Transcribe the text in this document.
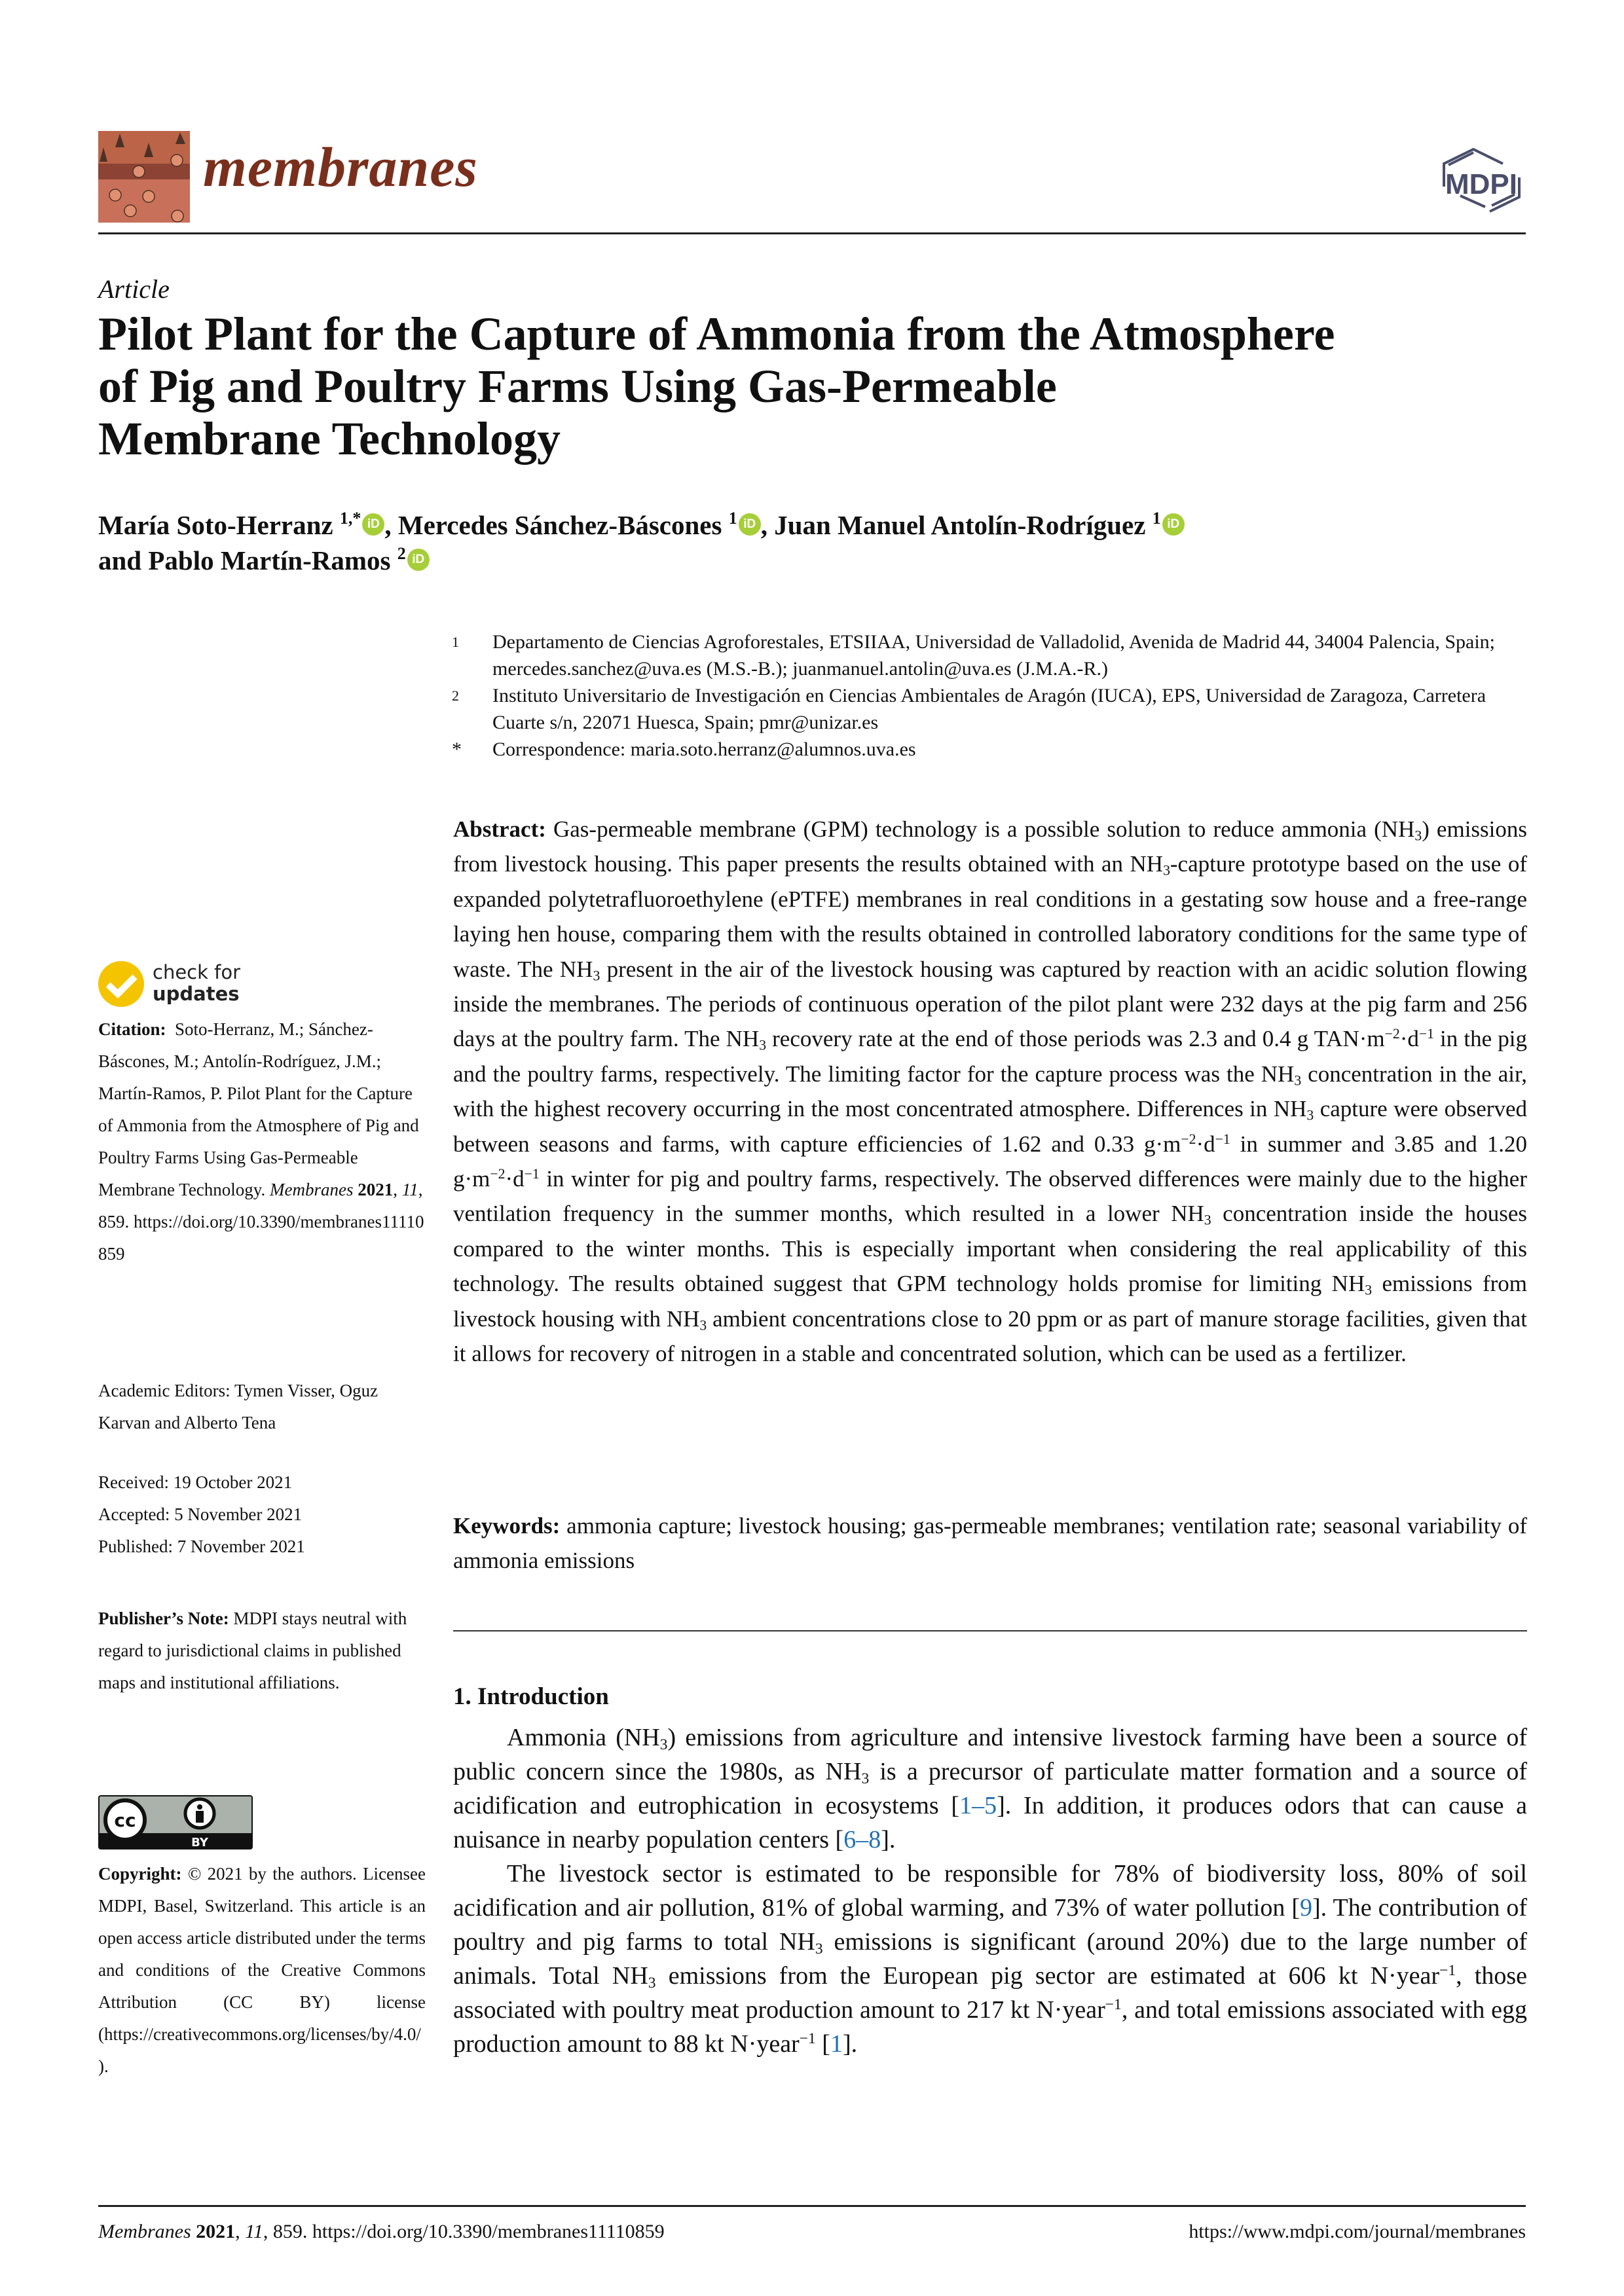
membranes	MDPI
Article
Pilot Plant for the Capture of Ammonia from the Atmosphere
of Pig and Poultry Farms Using Gas-Permeable
Membrane Technology
María Soto-Herranz $^{1,*}$ iD , Mercedes Sánchez-Báscones $^1$ iD , Juan Manuel Antolín-Rodríguez $^1$ iD
and Pablo Martín-Ramos $^2$ iD
1	Departamento de Ciencias Agroforestales, ETSIIAA, Universidad de Valladolid, Avenida de Madrid 44, 34004 Palencia, Spain; mercedes.sanchez@uva.es (M.S.-B.); juanmanuel.antolin@uva.es (J.M.A.-R.)
2	Instituto Universitario de Investigación en Ciencias Ambientales de Aragón (IUCA), EPS, Universidad de Zaragoza, Carretera Cuarte s/n, 22071 Huesca, Spain; pmr@unizar.es
*	Correspondence: maria.soto.herranz@alumnos.uva.es
check for
updates
Citation: Soto-Herranz, M.; Sánchez-Báscones, M.; Antolín-Rodríguez, J.M.; Martín-Ramos, P. Pilot Plant for the Capture of Ammonia from the Atmosphere of Pig and Poultry Farms Using Gas-Permeable Membrane Technology. Membranes 2021, 11, 859. https://doi.org/10.3390/membranes11110859
Academic Editors: Tymen Visser, Oguz Karvan and Alberto Tena
Received: 19 October 2021
Accepted: 5 November 2021
Published: 7 November 2021
Publisher’s Note: MDPI stays neutral with regard to jurisdictional claims in published maps and institutional affiliations.
cc
BY
Copyright: © 2021 by the authors. Licensee MDPI, Basel, Switzerland. This article is an open access article distributed under the terms and conditions of the Creative Commons Attribution (CC BY) license (https://creativecommons.org/licenses/by/4.0/).
Abstract: Gas-permeable membrane (GPM) technology is a possible solution to reduce ammonia $(NH_3)$ emissions from livestock housing. This paper presents the results obtained with an $NH_3$-capture prototype based on the use of expanded polytetrafluoroethylene (ePTFE) membranes in real conditions in a gestating sow house and a free-range laying hen house, comparing them with the results obtained in controlled laboratory conditions for the same type of waste. The $NH_3$ present in the air of the livestock housing was captured by reaction with an acidic solution flowing inside the membranes. The periods of continuous operation of the pilot plant were 232 days at the pig farm and 256 days at the poultry farm. The $NH_3$ recovery rate at the end of those periods was 2.3 and 0.4 g $TAN\cdot m^{-2}\cdot d^{-1}$ in the pig and the poultry farms, respectively. The limiting factor for the capture process was the $NH_3$ concentration in the air, with the highest recovery occurring in the most concentrated atmosphere. Differences in $NH_3$ capture were observed between seasons and farms, with capture efficiencies of 1.62 and 0.33 $g\cdot m^{-2}\cdot d^{-1}$ in summer and 3.85 and 1.20 $g\cdot m^{-2}\cdot d^{-1}$ in winter for pig and poultry farms, respectively. The observed differences were mainly due to the higher ventilation frequency in the summer months, which resulted in a lower $NH_3$ concentration inside the houses compared to the winter months. This is especially important when considering the real applicability of this technology. The results obtained suggest that GPM technology holds promise for limiting $NH_3$ emissions from livestock housing with $NH_3$ ambient concentrations close to 20 ppm or as part of manure storage facilities, given that it allows for recovery of nitrogen in a stable and concentrated solution, which can be used as a fertilizer.
Keywords: ammonia capture; livestock housing; gas-permeable membranes; ventilation rate; seasonal variability of ammonia emissions
1. Introduction

Ammonia $(NH_3)$ emissions from agriculture and intensive livestock farming have been a source of public concern since the 1980s, as $NH_3$ is a precursor of particulate matter formation and a source of acidification and eutrophication in ecosystems [1–5]. In addition, it produces odors that can cause a nuisance in nearby population centers [6–8].

The livestock sector is estimated to be responsible for 78% of biodiversity loss, 80% of soil acidification and air pollution, 81% of global warming, and 73% of water pollution [9]. The contribution of poultry and pig farms to total $NH_3$ emissions is significant (around 20%) due to the large number of animals. Total $NH_3$ emissions from the European pig sector are estimated at 606 kt N·year$^{-1}$, those associated with poultry meat production amount to 217 kt N·year$^{-1}$, and total emissions associated with egg production amount to 88 kt N·year$^{-1}$ [1].

Membranes 2021, 11, 859. https://doi.org/10.3390/membranes11110859	https://www.mdpi.com/journal/membranes
